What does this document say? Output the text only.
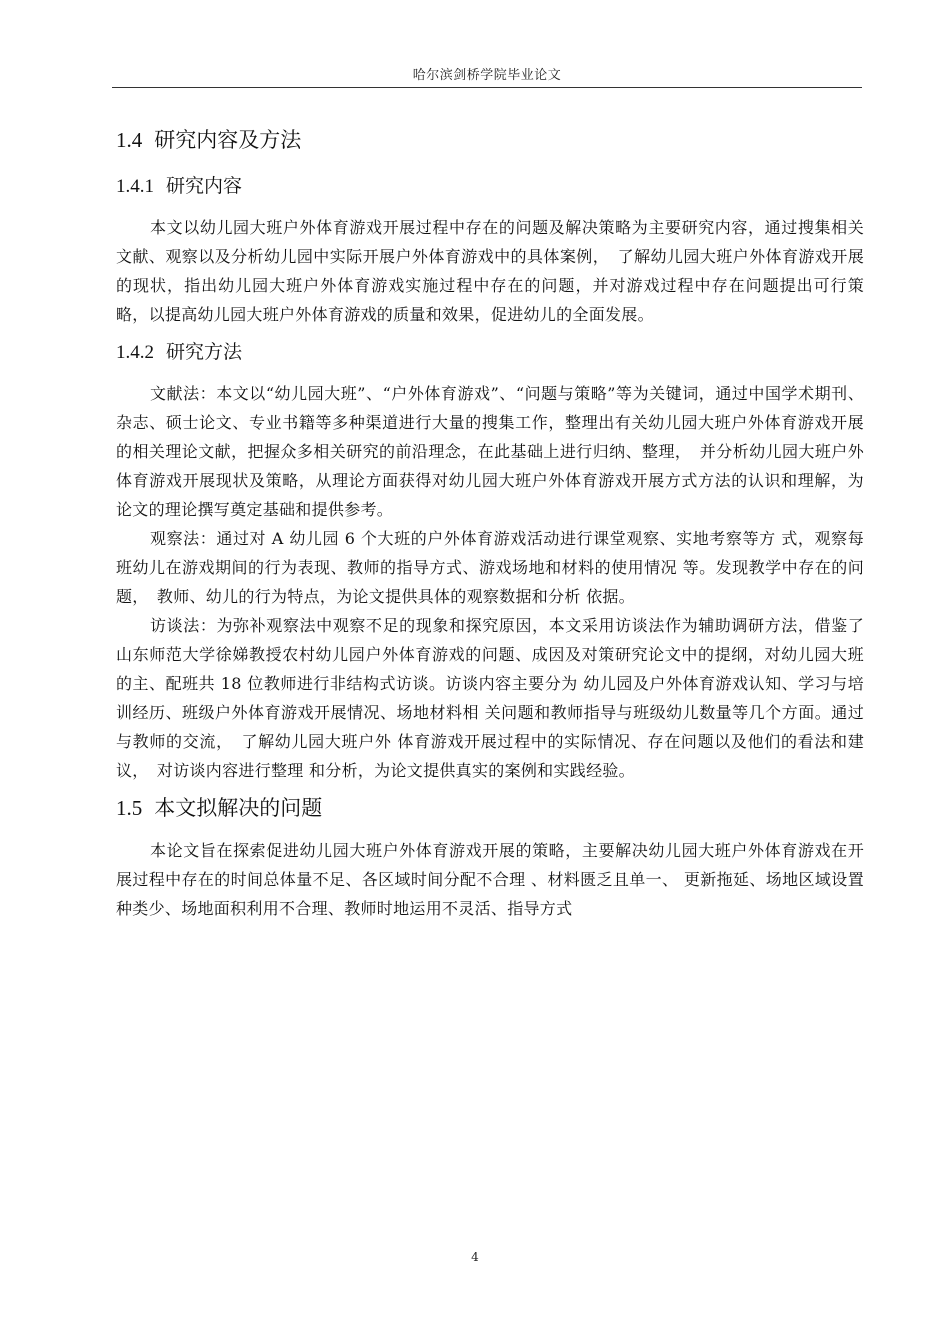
哈尔滨剑桥学院毕业论文
1.4 研究内容及方法
1.4.1 研究内容

本文以幼儿园大班户外体育游戏开展过程中存在的问题及解决策略为主要研究内容，通过搜集相关文献、观察以及分析幼儿园中实际开展户外体育游戏中的具体案例，　了解幼儿园大班户外体育游戏开展的现状，指出幼儿园大班户外体育游戏实施过程中存在的问题，并对游戏过程中存在问题提出可行策略，以提高幼儿园大班户外体育游戏的质量和效果，促进幼儿的全面发展。

1.4.2 研究方法

文献法：本文以“幼儿园大班”、“户外体育游戏”、“问题与策略”等为关键词，通过中国学术期刊、杂志、硕士论文、专业书籍等多种渠道进行大量的搜集工作，整理出有关幼儿园大班户外体育游戏开展的相关理论文献，把握众多相关研究的前沿理念，在此基础上进行归纳、整理，　并分析幼儿园大班户外体育游戏开展现状及策略，从理论方面获得对幼儿园大班户外体育游戏开展方式方法的认识和理解，为论文的理论撰写奠定基础和提供参考。

观察法：通过对 A 幼儿园 6 个大班的户外体育游戏活动进行课堂观察、实地考察等方 式，观察每班幼儿在游戏期间的行为表现、教师的指导方式、游戏场地和材料的使用情况 等。发现教学中存在的问题，　教师、幼儿的行为特点，为论文提供具体的观察数据和分析 依据。

访谈法：为弥补观察法中观察不足的现象和探究原因，本文采用访谈法作为辅助调研方法，借鉴了山东师范大学徐娣教授农村幼儿园户外体育游戏的问题、成因及对策研究论文中的提纲，对幼儿园大班的主、配班共 18 位教师进行非结构式访谈。访谈内容主要分为 幼儿园及户外体育游戏认知、学习与培训经历、班级户外体育游戏开展情况、场地材料相 关问题和教师指导与班级幼儿数量等几个方面。通过与教师的交流，　了解幼儿园大班户外 体育游戏开展过程中的实际情况、存在问题以及他们的看法和建议，　对访谈内容进行整理 和分析，为论文提供真实的案例和实践经验。

1.5 本文拟解决的问题

本论文旨在探索促进幼儿园大班户外体育游戏开展的策略，主要解决幼儿园大班户外体育游戏在开展过程中存在的时间总体量不足、各区域时间分配不合理 、材料匮乏且单一、 更新拖延、场地区域设置种类少、场地面积利用不合理、教师时地运用不灵活、指导方式

4
